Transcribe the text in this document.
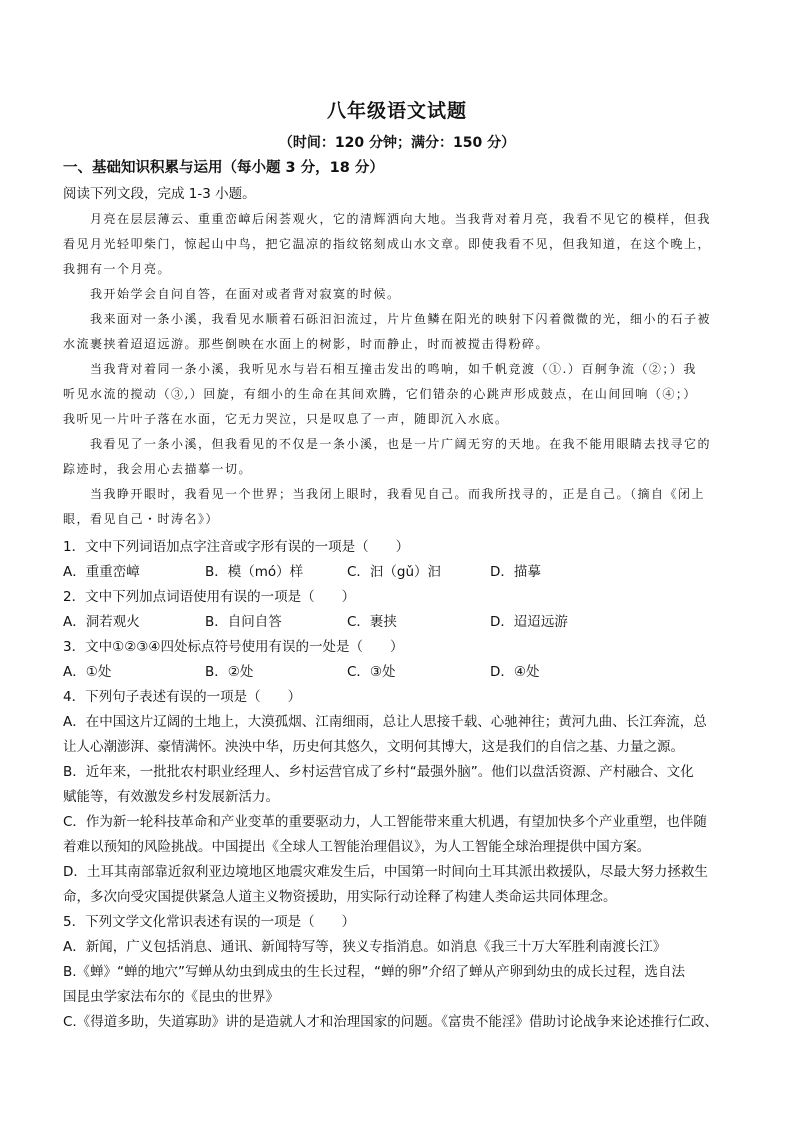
八年级语文试题
（时间：120 分钟；满分：150 分）
一、基础知识积累与运用（每小题 3 分，18 分）
阅读下列文段，完成 1-3 小题。
月亮在层层薄云、重重峦嶂后闲荟观火，它的清辉洒向大地。当我背对着月亮，我看不见它的模样，但我
看见月光轻叩柴门，惊起山中鸟，把它温凉的指纹铭刻成山水文章。即使我看不见，但我知道，在这个晚上，
我拥有一个月亮。
我开始学会自问自答，在面对或者背对寂寞的时候。
我来面对一条小溪，我看见水顺着石砾汩汩流过，片片鱼鳞在阳光的映射下闪着微微的光，细小的石子被
水流裹挟着迢迢远游。那些倒映在水面上的树影，时而静止，时而被搅击得粉碎。
当我背对着同一条小溪，我听见水与岩石相互撞击发出的鸣响，如千帆竞渡（①.）百舸争流（②；）我
听见水流的搅动（③,）回旋，有细小的生命在其间欢腾，它们错杂的心跳声形成鼓点，在山间回响（④；）
我听见一片叶子落在水面，它无力哭泣，只是叹息了一声，随即沉入水底。
我看见了一条小溪，但我看见的不仅是一条小溪，也是一片广阔无穷的天地。在我不能用眼睛去找寻它的
踪迹时，我会用心去描摹一切。
当我睁开眼时，我看见一个世界；当我闭上眼时，我看见自己。而我所找寻的，正是自己。（摘自《闭上
眼，看见自己・时涛名》）
1．文中下列词语加点字注音或字形有误的一项是（　　）
A．重重峦嶂	B．模（mó）样	C．汩（gǔ）汩	D．描摹
2．文中下列加点词语使用有误的一项是（　　）
A．洞若观火	B．自问自答	C．裹挟	D．迢迢远游
3．文中①②③④四处标点符号使用有误的一处是（　　）
A．①处	B．②处	C．③处	D．④处
4．下列句子表述有误的一项是（　　）
A．在中国这片辽阔的土地上，大漠孤烟、江南细雨，总让人思接千载、心驰神往；黄河九曲、长江奔流，总
让人心潮澎湃、豪情满怀。泱泱中华，历史何其悠久，文明何其博大，这是我们的自信之基、力量之源。
B．近年来，一批批农村职业经理人、乡村运营官成了乡村“最强外脑”。他们以盘活资源、产村融合、文化
赋能等，有效激发乡村发展新活力。
C．作为新一轮科技革命和产业变革的重要驱动力，人工智能带来重大机遇，有望加快多个产业重塑，也伴随
着难以预知的风险挑战。中国提出《全球人工智能治理倡议》，为人工智能全球治理提供中国方案。
D．土耳其南部靠近叙利亚边境地区地震灾难发生后，中国第一时间向土耳其派出救援队，尽最大努力拯救生
命，多次向受灾国提供紧急人道主义物资援助，用实际行动诠释了构建人类命运共同体理念。
5．下列文学文化常识表述有误的一项是（　　）
A．新闻，广义包括消息、通讯、新闻特写等，狭义专指消息。如消息《我三十万大军胜利南渡长江》
B.《蝉》“蝉的地穴”写蝉从幼虫到成虫的生长过程，“蝉的卵”介绍了蝉从产卵到幼虫的成长过程，选自法
国昆虫学家法布尔的《昆虫的世界》
C.《得道多助，失道寡助》讲的是造就人才和治理国家的问题。《富贵不能淫》借助讨论战争来论述推行仁政、
